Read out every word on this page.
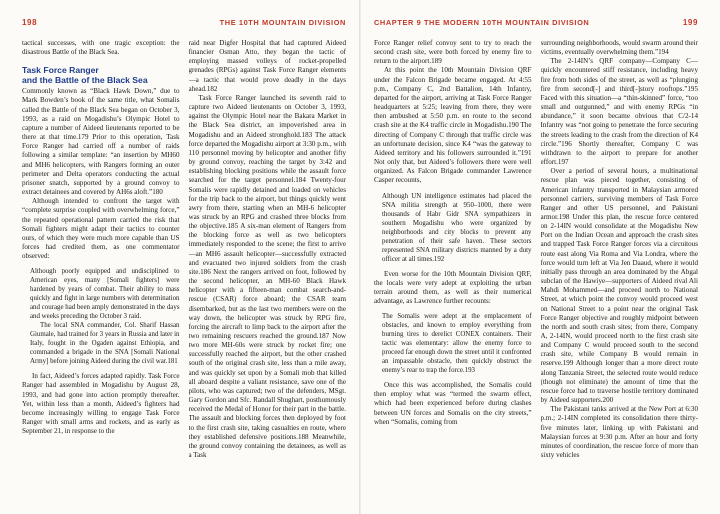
198	THE 10TH MOUNTAIN DIVISION

tactical successes, with one tragic exception: the disastrous Battle of the Black Sea.

Task Force Ranger
and the Battle of the Black Sea

Commonly known as “Black Hawk Down,” due to Mark Bowden’s book of the same title, what Somalis called the Battle of the Black Sea began on October 3, 1993, as a raid on Mogadishu’s Olympic Hotel to capture a number of Aideed lieutenants reported to be there at that time.179 Prior to this operation, Task Force Ranger had carried off a number of raids following a similar template: “an insertion by MH60 and MH6 helicopters, with Rangers forming an outer perimeter and Delta operators conducting the actual prisoner snatch, supported by a ground convoy to extract detainees and covered by AH6s aloft.”180

Although intended to confront the target with “complete surprise coupled with overwhelming force,” the repeated operational pattern carried the risk that Somali fighters might adapt their tactics to counter ours, of which they were much more capable than US forces had credited them, as one commentator observed:

Although poorly equipped and undisciplined to American eyes, many [Somali fighters] were hardened by years of combat. Their ability to mass quickly and fight in large numbers with determination and courage had been amply demonstrated in the days and weeks preceding the October 3 raid.

The local SNA commander, Col. Sharif Hassan Giumale, had trained for 3 years in Russia and later in Italy, fought in the Ogaden against Ethiopia, and commanded a brigade in the SNA [Somali National Army] before joining Aideed during the civil war.181

In fact, Aideed’s forces adapted rapidly. Task Force Ranger had assembled in Mogadishu by August 28, 1993, and had gone into action promptly thereafter. Yet, within less than a month, Aideed’s fighters had become increasingly willing to engage Task Force Ranger with small arms and rockets, and as early as September 21, in response to the

raid near Digfer Hospital that had captured Aideed financier Osman Atto, they began the tactic of employing massed volleys of rocket-propelled grenades (RPGs) against Task Force Ranger elements—a tactic that would prove deadly in the days ahead.182

Task Force Ranger launched its seventh raid to capture two Aideed lieutenants on October 3, 1993, against the Olympic Hotel near the Bakara Market in the Black Sea district, an impoverished area in Mogadishu and an Aideed stronghold.183 The attack force departed the Mogadishu airport at 3:30 p.m., with 110 personnel moving by helicopter and another fifty by ground convoy, reaching the target by 3:42 and establishing blocking positions while the assault force searched for the target personnel.184 Twenty-four Somalis were rapidly detained and loaded on vehicles for the trip back to the airport, but things quickly went awry from there, starting when an MH-6 helicopter was struck by an RPG and crashed three blocks from the objective.185 A six-man element of Rangers from the blocking force as well as two helicopters immediately responded to the scene; the first to arrive—an MH6 assault helicopter—successfully extracted and evacuated two injured soldiers from the crash site.186 Next the rangers arrived on foot, followed by the second helicopter, an MH-60 Black Hawk helicopter with a fifteen-man combat search-and-rescue (CSAR) force aboard; the CSAR team disembarked, but as the last two members were on the way down, the helicopter was struck by RPG fire, forcing the aircraft to limp back to the airport after the two remaining rescuers reached the ground.187 Now two more MH-60s were struck by rocket fire; one successfully reached the airport, but the other crashed south of the original crash site, less than a mile away, and was quickly set upon by a Somali mob that killed all aboard despite a valiant resistance, save one of the pilots, who was captured; two of the defenders, MSgt. Gary Gordon and Sfc. Randall Shughart, posthumously received the Medal of Honor for their part in the battle. The assault and blocking forces then deployed by foot to the first crash site, taking casualties en route, where they established defensive positions.188 Meanwhile, the ground convoy containing the detainees, as well as a Task

CHAPTER 9 THE MODERN 10TH MOUNTAIN DIVISION	199

Force Ranger relief convoy sent to try to reach the second crash site, were both forced by enemy fire to return to the airport.189

At this point the 10th Mountain Division QRF under the Falcon Brigade became engaged. At 4:55 p.m., Company C, 2nd Battalion, 14th Infantry, departed for the airport, arriving at Task Force Ranger headquarters at 5:25; leaving from there, they were then ambushed at 5:50 p.m. en route to the second crash site at the K4 traffic circle in Mogadishu.190 The directing of Company C through that traffic circle was an unfortunate decision, since K4 “was the gateway to Aideed territory and his followers surrounded it.”191 Not only that, but Aideed’s followers there were well organized. As Falcon Brigade commander Lawrence Casper recounts,

Although UN intelligence estimates had placed the SNA militia strength at 950–1000, there were thousands of Habr Gidr SNA sympathizers in southern Mogadishu who were organized by neighborhoods and city blocks to prevent any penetration of their safe haven. These sectors represented SNA military districts manned by a duty officer at all times.192

Even worse for the 10th Mountain Division QRF, the locals were very adept at exploiting the urban terrain around them, as well as their numerical advantage, as Lawrence further recounts:

The Somalis were adept at the emplacement of obstacles, and known to employ everything from burning tires to derelict CONEX containers. Their tactic was elementary: allow the enemy force to proceed far enough down the street until it confronted an impassable obstacle, then quickly obstruct the enemy’s rear to trap the force.193

Once this was accomplished, the Somalis could then employ what was “termed the swarm effect, which had been experienced before during clashes between UN forces and Somalis on the city streets,” when “Somalis, coming from

surrounding neighborhoods, would swarm around their victims, eventually overwhelming them.”194

The 2-14IN’s QRF company—Company C—quickly encountered stiff resistance, including heavy fire from both sides of the street, as well as “plunging fire from second[-] and third[-]story rooftops.”195 Faced with this situation—a “thin-skinned” force, “too small and outgunned,” and with enemy RPGs “in abundance,” it soon became obvious that C/2-14 Infantry was “not going to penetrate the force securing the streets leading to the crash from the direction of K4 circle.”196 Shortly thereafter, Company C was withdrawn to the airport to prepare for another effort.197

Over a period of several hours, a multinational rescue plan was pieced together, consisting of American infantry transported in Malaysian armored personnel carriers, surviving members of Task Force Ranger and other US personnel, and Pakistani armor.198 Under this plan, the rescue force centered on 2-14IN would consolidate at the Mogadishu New Port on the Indian Ocean and approach the crash sites and trapped Task Force Ranger forces via a circuitous route east along Via Roma and Via Londra, where the force would turn left at Via Jen Daaud, where it would initially pass through an area dominated by the Abgal subclan of the Hawiye—supporters of Aideed rival Ali Mahdi Mohammed—and proceed north to National Street, at which point the convoy would proceed west on National Street to a point near the original Task Force Ranger objective and roughly midpoint between the north and south crash sites; from there, Company A, 2-14IN, would proceed north to the first crash site and Company C would proceed south to the second crash site, while Company B would remain in reserve.199 Although longer than a more direct route along Tanzania Street, the selected route would reduce (though not eliminate) the amount of time that the rescue force had to traverse hostile territory dominated by Aideed supporters.200

The Pakistani tanks arrived at the New Port at 6:30 p.m.; 2-14IN completed its consolidation there thirty-five minutes later, linking up with Pakistani and Malaysian forces at 9:30 p.m. After an hour and forty minutes of coordination, the rescue force of more than sixty vehicles
